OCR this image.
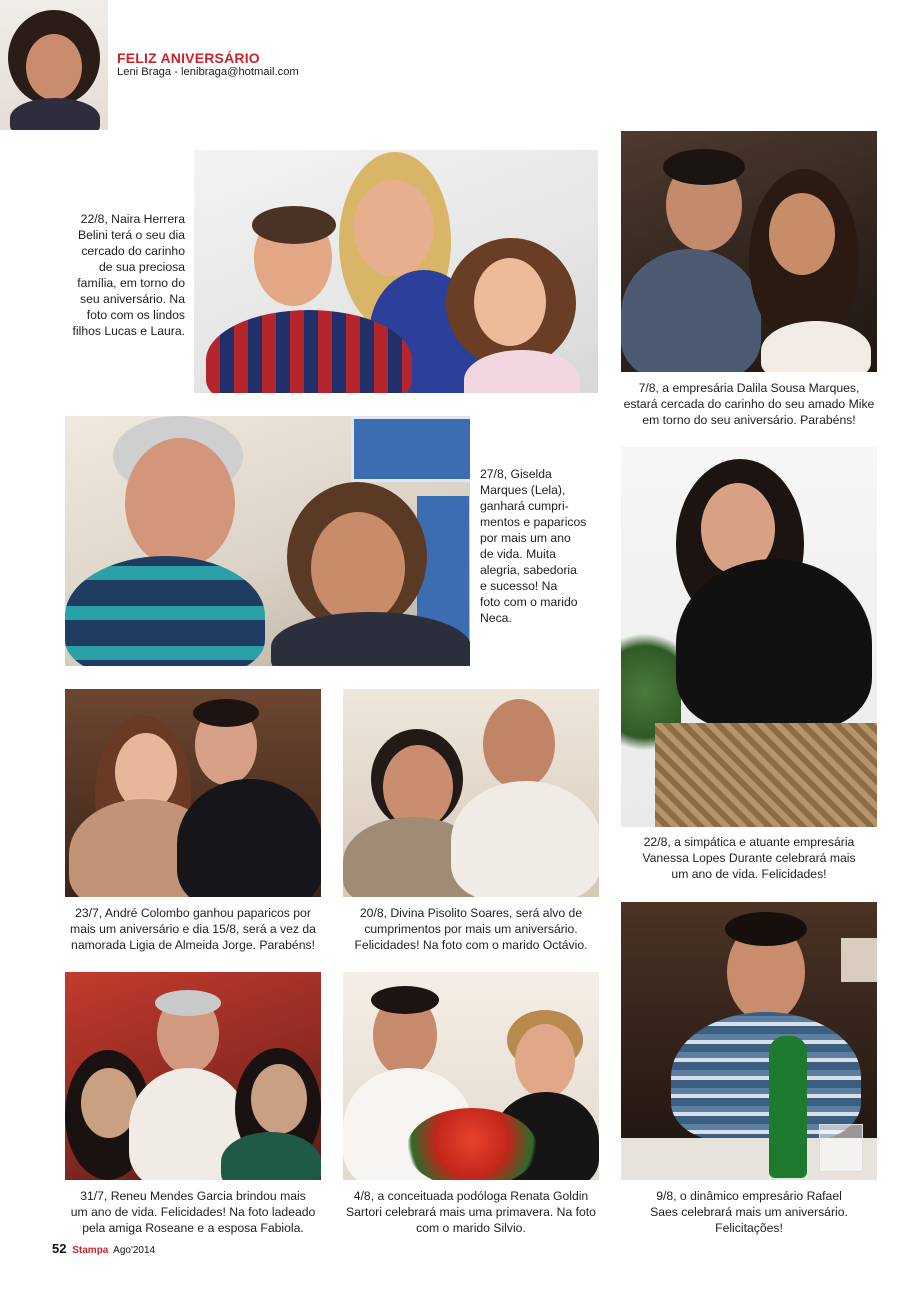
FELIZ ANIVERSÁRIO
Leni Braga - lenibraga@hotmail.com
22/8, Naira Herrera
Belini terá o seu dia
cercado do carinho
de sua preciosa
família, em torno do
seu aniversário. Na
foto com os lindos
filhos Lucas e Laura.
7/8, a empresária Dalila Sousa Marques,
estará cercada do carinho do seu amado Mike
em torno do seu aniversário. Parabéns!
27/8, Giselda
Marques (Lela),
ganhará cumpri-
mentos e paparicos
por mais um ano
de vida. Muita
alegria, sabedoria
e sucesso! Na
foto com o marido
Neca.
22/8, a simpática e atuante empresária
Vanessa Lopes Durante celebrará mais
um ano de vida. Felicidades!
23/7, André Colombo ganhou paparicos por
mais um aniversário e dia 15/8, será a vez da
namorada Ligia de Almeida Jorge. Parabéns!
20/8, Divina Pisolito Soares, será alvo de
cumprimentos por mais um aniversário.
Felicidades! Na foto com o marido Octávio.
31/7, Reneu Mendes Garcia brindou mais
um ano de vida. Felicidades! Na foto ladeado
pela amiga Roseane e a esposa Fabiola.
4/8, a conceituada podóloga Renata Goldin
Sartori celebrará mais uma primavera. Na foto
com o marido Silvio.
9/8, o dinâmico empresário Rafael
Saes celebrará mais um aniversário.
Felicitações!
52 Stampa Ago'2014
